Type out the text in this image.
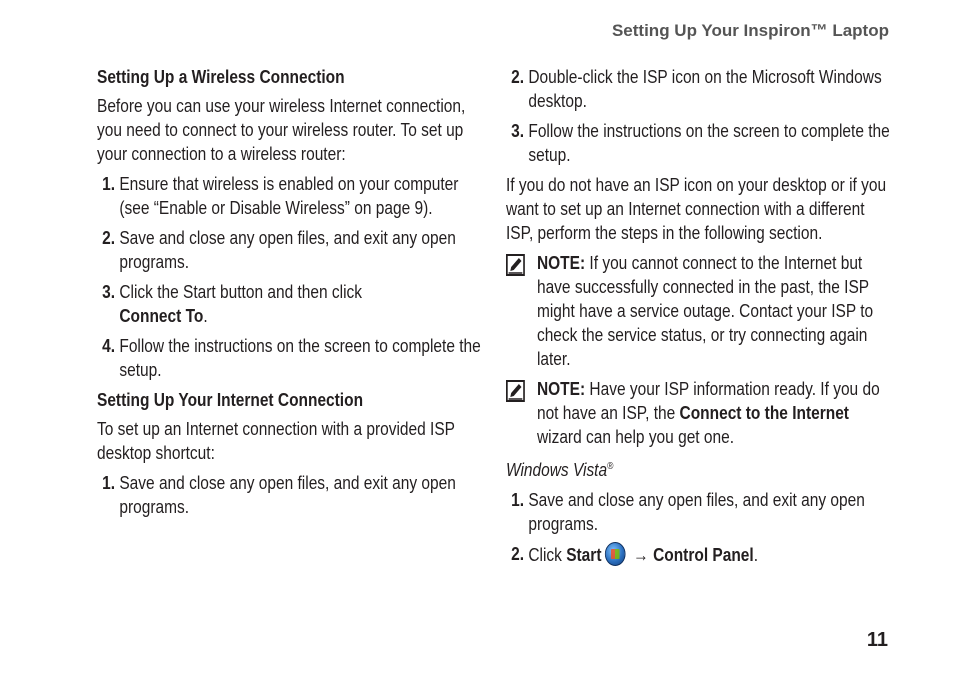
Setting Up Your Inspiron™ Laptop
Setting Up a Wireless Connection

Before you can use your wireless Internet connection, you need to connect to your wireless router. To set up your connection to a wireless router:

1. Ensure that wireless is enabled on your computer (see “Enable or Disable Wireless” on page 9).
2. Save and close any open files, and exit any open programs.
3. Click the Start button and then click
Connect To.
4. Follow the instructions on the screen to complete the setup.
Setting Up Your Internet Connection

To set up an Internet connection with a provided ISP desktop shortcut:

1. Save and close any open files, and exit any open programs.
2. Double-click the ISP icon on the Microsoft Windows desktop.
3. Follow the instructions on the screen to complete the setup.

If you do not have an ISP icon on your desktop or if you want to set up an Internet connection with a different ISP, perform the steps in the following section.

NOTE: If you cannot connect to the Internet but have successfully connected in the past, the ISP might have a service outage. Contact your ISP to check the service status, or try connecting again later.
NOTE: Have your ISP information ready. If you do not have an ISP, the Connect to the Internet wizard can help you get one.

Windows Vista®

1. Save and close any open files, and exit any open programs.
2. Click Start → Control Panel.
11
